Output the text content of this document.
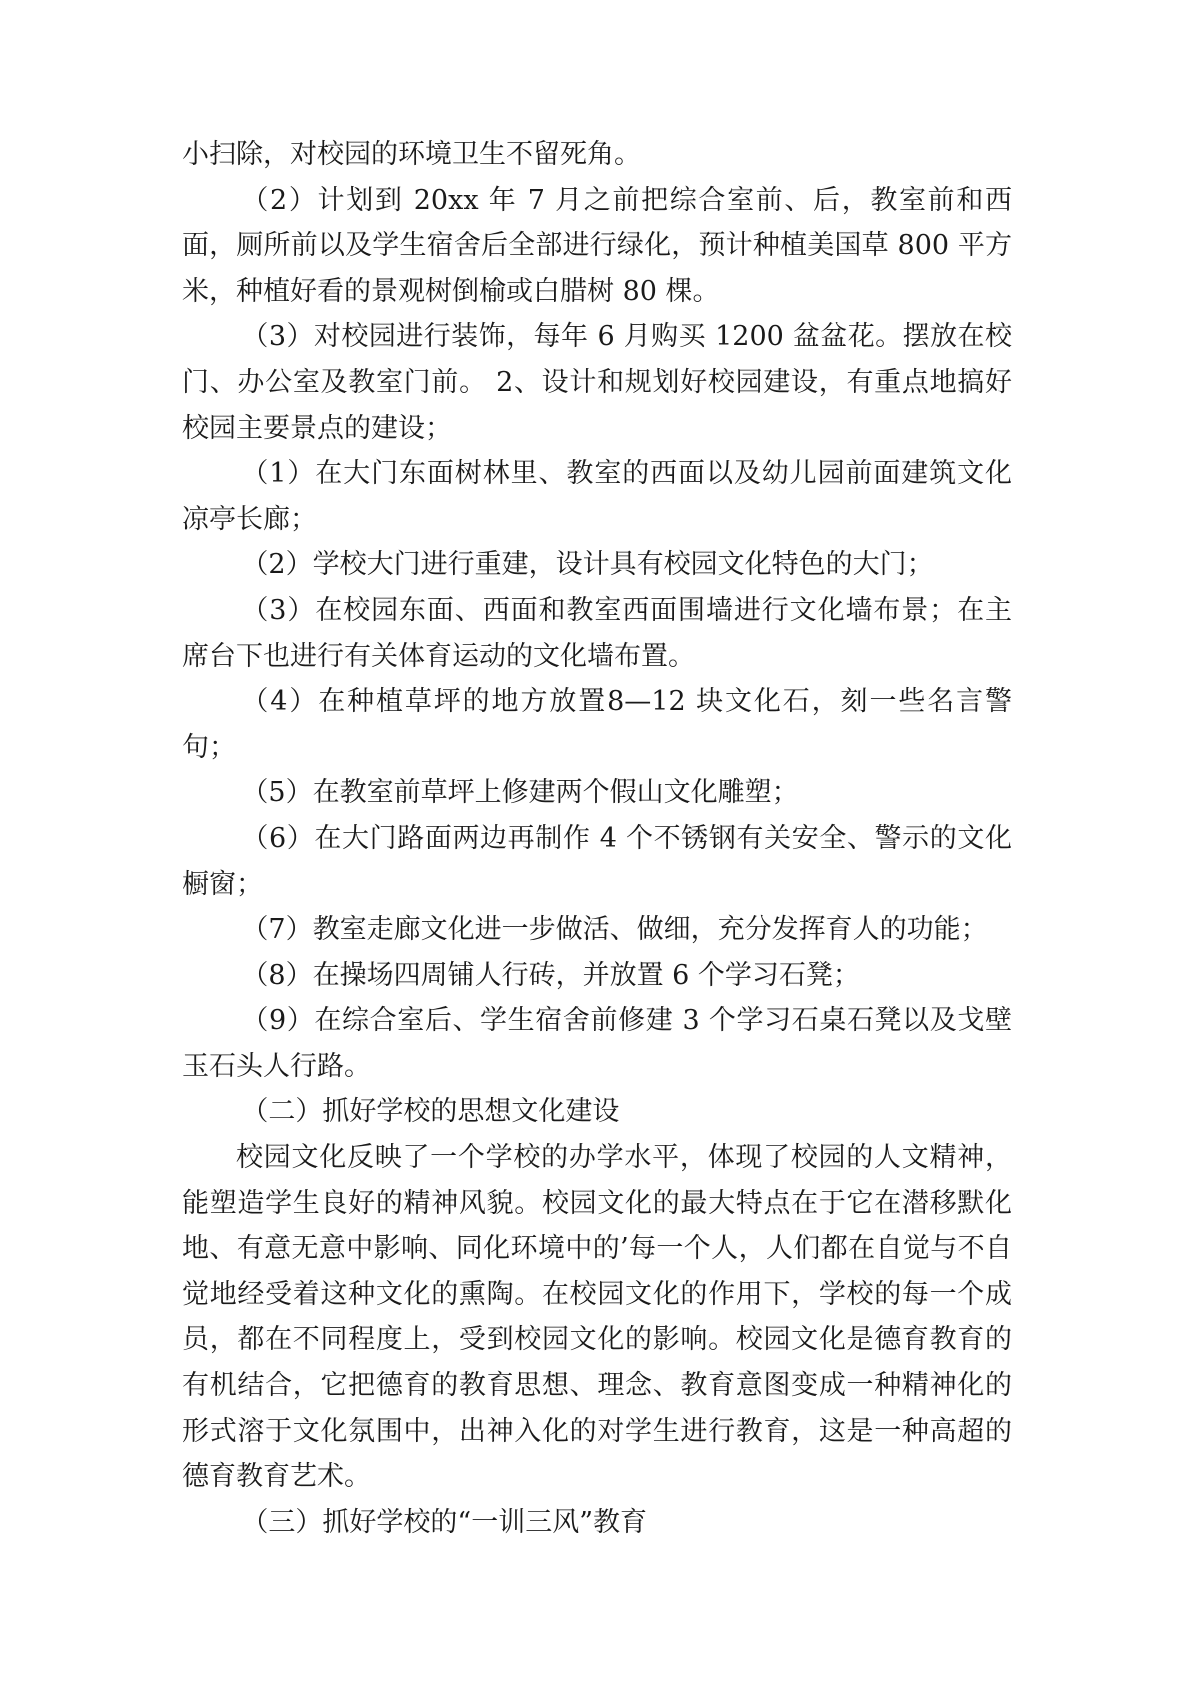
小扫除，对校园的环境卫生不留死角。

（2）计划到 20xx 年 7 月之前把综合室前、后，教室前和西面，厕所前以及学生宿舍后全部进行绿化，预计种植美国草 800 平方米，种植好看的景观树倒榆或白腊树 80 棵。

（3）对校园进行装饰，每年 6 月购买 1200 盆盆花。摆放在校门、办公室及教室门前。 2、设计和规划好校园建设，有重点地搞好校园主要景点的建设；

（1）在大门东面树林里、教室的西面以及幼儿园前面建筑文化凉亭长廊；

（2）学校大门进行重建，设计具有校园文化特色的大门；

（3）在校园东面、西面和教室西面围墙进行文化墙布景；在主席台下也进行有关体育运动的文化墙布置。

（4）在种植草坪的地方放置8—12 块文化石，刻一些名言警句；

（5）在教室前草坪上修建两个假山文化雕塑；

（6）在大门路面两边再制作 4 个不锈钢有关安全、警示的文化橱窗；

（7）教室走廊文化进一步做活、做细，充分发挥育人的功能；

（8）在操场四周铺人行砖，并放置 6 个学习石凳；

（9）在综合室后、学生宿舍前修建 3 个学习石桌石凳以及戈壁玉石头人行路。

（二）抓好学校的思想文化建设

校园文化反映了一个学校的办学水平，体现了校园的人文精神，能塑造学生良好的精神风貌。校园文化的最大特点在于它在潜移默化地、有意无意中影响、同化环境中的’每一个人，人们都在自觉与不自觉地经受着这种文化的熏陶。在校园文化的作用下，学校的每一个成员，都在不同程度上，受到校园文化的影响。校园文化是德育教育的有机结合，它把德育的教育思想、理念、教育意图变成一种精神化的形式溶于文化氛围中，出神入化的对学生进行教育，这是一种高超的德育教育艺术。

（三）抓好学校的“一训三风”教育
